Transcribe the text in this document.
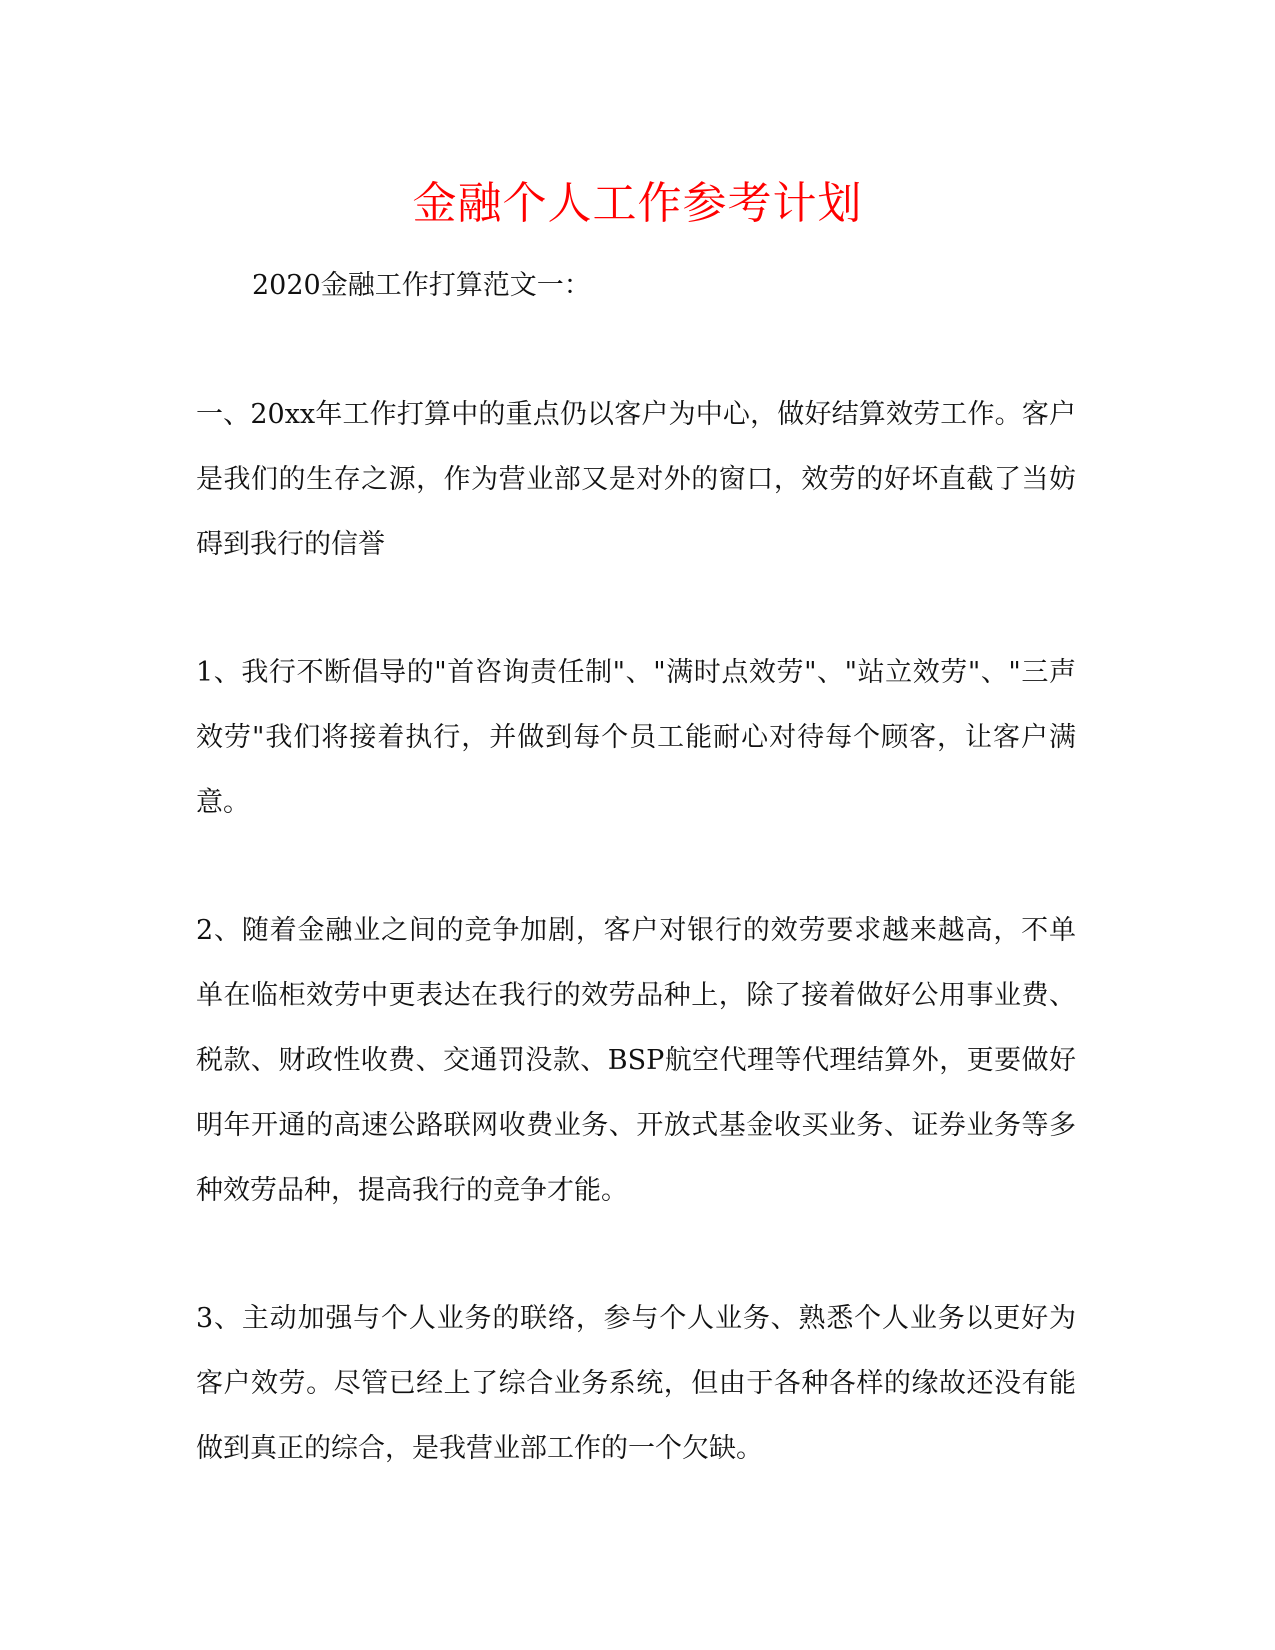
金融个人工作参考计划

2020金融工作打算范文一：

一、20xx年工作打算中的重点仍以客户为中心，做好结算效劳工作。客户是我们的生存之源，作为营业部又是对外的窗口，效劳的好坏直截了当妨碍到我行的信誉

1、我行不断倡导的"首咨询责任制"、"满时点效劳"、"站立效劳"、"三声效劳"我们将接着执行，并做到每个员工能耐心对待每个顾客，让客户满意。

2、随着金融业之间的竞争加剧，客户对银行的效劳要求越来越高，不单单在临柜效劳中更表达在我行的效劳品种上，除了接着做好公用事业费、税款、财政性收费、交通罚没款、BSP航空代理等代理结算外，更要做好明年开通的高速公路联网收费业务、开放式基金收买业务、证券业务等多种效劳品种，提高我行的竞争才能。

3、主动加强与个人业务的联络，参与个人业务、熟悉个人业务以更好为客户效劳。尽管已经上了综合业务系统，但由于各种各样的缘故还没有能做到真正的综合，是我营业部工作的一个欠缺。
